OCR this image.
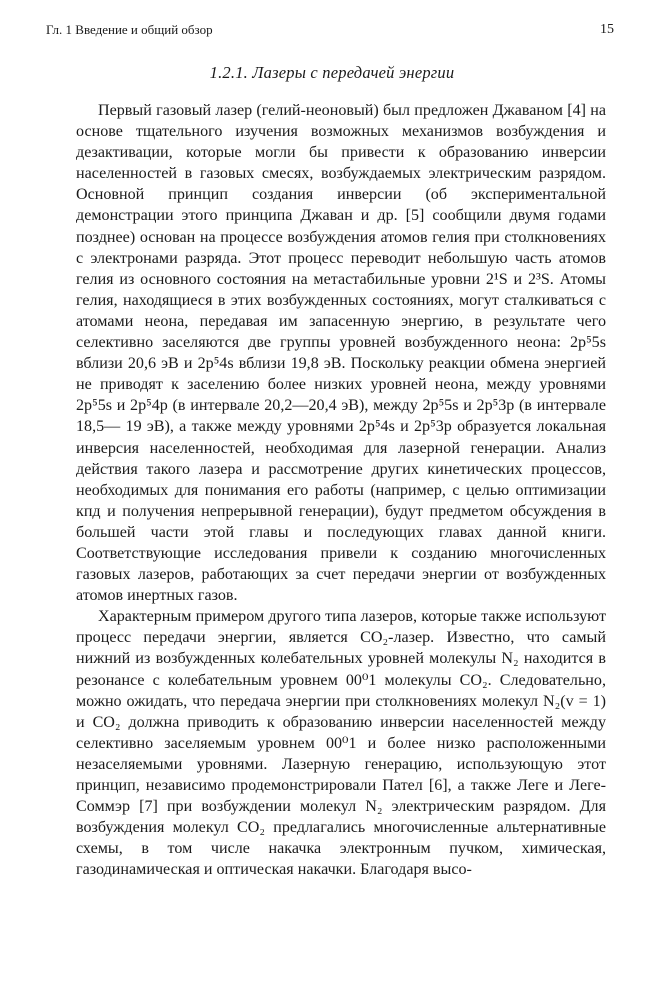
Гл. 1 Введение и общий обзор	15
1.2.1. Лазеры с передачей энергии

Первый газовый лазер (гелий-неоновый) был предложен Джаваном [4] на основе тщательного изучения возможных механизмов возбуждения и дезактивации, которые могли бы привести к образованию инверсии населенностей в газовых смесях, возбуждаемых электрическим разрядом. Основной принцип создания инверсии (об экспериментальной демонстрации этого принципа Джаван и др. [5] сообщили двумя годами позднее) основан на процессе возбуждения атомов гелия при столкновениях с электронами разряда. Этот процесс переводит небольшую часть атомов гелия из основного состояния на метастабильные уровни 2¹S и 2³S. Атомы гелия, находящиеся в этих возбужденных состояниях, могут сталкиваться с атомами неона, передавая им запасенную энергию, в результате чего селективно заселяются две группы уровней возбужденного неона: 2p⁵5s вблизи 20,6 эВ и 2p⁵4s вблизи 19,8 эВ. Поскольку реакции обмена энергией не приводят к заселению более низких уровней неона, между уровнями 2p⁵5s и 2p⁵4p (в интервале 20,2—20,4 эВ), между 2p⁵5s и 2p⁵3p (в интервале 18,5— 19 эВ), а также между уровнями 2p⁵4s и 2p⁵3p образуется локальная инверсия населенностей, необходимая для лазерной генерации. Анализ действия такого лазера и рассмотрение других кинетических процессов, необходимых для понимания его работы (например, с целью оптимизации кпд и получения непрерывной генерации), будут предметом обсуждения в большей части этой главы и последующих главах данной книги. Соответствующие исследования привели к созданию многочисленных газовых лазеров, работающих за счет передачи энергии от возбужденных атомов инертных газов.

Характерным примером другого типа лазеров, которые также используют процесс передачи энергии, является CO₂-лазер. Известно, что самый нижний из возбужденных колебательных уровней молекулы N₂ находится в резонансе с колебательным уровнем 00⁰1 молекулы CO₂. Следовательно, можно ожидать, что передача энергии при столкновениях молекул N₂(v = 1) и CO₂ должна приводить к образованию инверсии населенностей между селективно заселяемым уровнем 00⁰1 и более низко расположенными незаселяемыми уровнями. Лазерную генерацию, использующую этот принцип, независимо продемонстрировали Пател [6], а также Леге и Леге-Соммэр [7] при возбуждении молекул N₂ электрическим разрядом. Для возбуждения молекул CO₂ предлагались многочисленные альтернативные схемы, в том числе накачка электронным пучком, химическая, газодинамическая и оптическая накачки. Благодаря высо-
